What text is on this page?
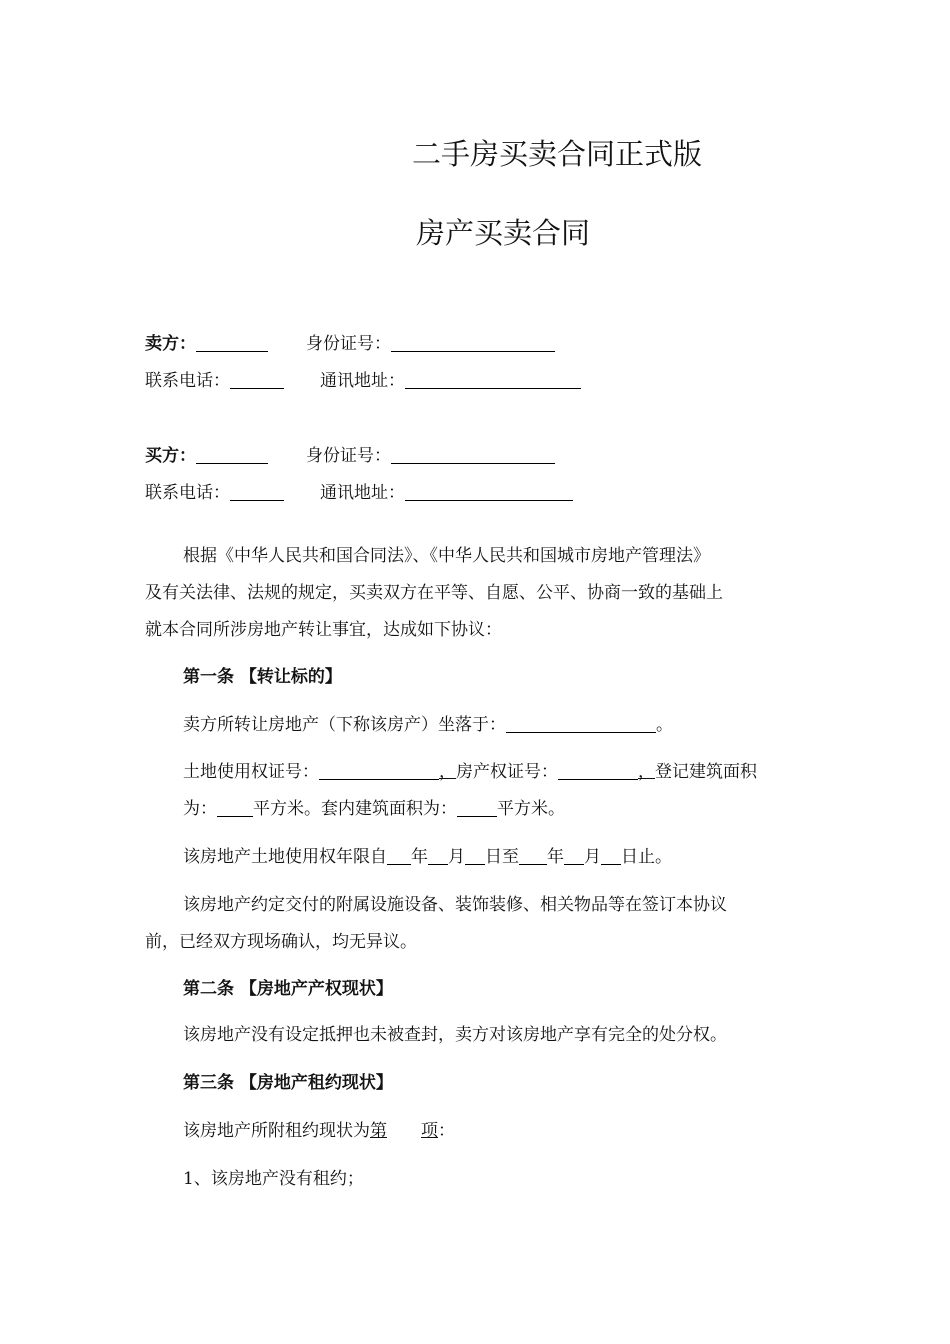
二手房买卖合同正式版
房产买卖合同
卖方：	身份证号：
联系电话：	通讯地址：
买方：	身份证号：
联系电话：	通讯地址：
根据《中华人民共和国合同法》、《中华人民共和国城市房地产管理法》
及有关法律、法规的规定，买卖双方在平等、自愿、公平、协商一致的基础上
就本合同所涉房地产转让事宜，达成如下协议：
第一条 【转让标的】
卖方所转让房地产（下称该房产）坐落于：	。
土地使用权证号：	，房产权证号：	，登记建筑面积
为： 平方米。套内建筑面积为： 平方米。
该房地产土地使用权年限自 年 月 日至 年 月 日止。
该房地产约定交付的附属设施设备、装饰装修、相关物品等在签订本协议
前，已经双方现场确认，均无异议。
第二条 【房地产产权现状】
该房地产没有设定抵押也未被查封，卖方对该房地产享有完全的处分权。
第三条 【房地产租约现状】
该房地产所附租约现状为第 项：
1、该房地产没有租约；
